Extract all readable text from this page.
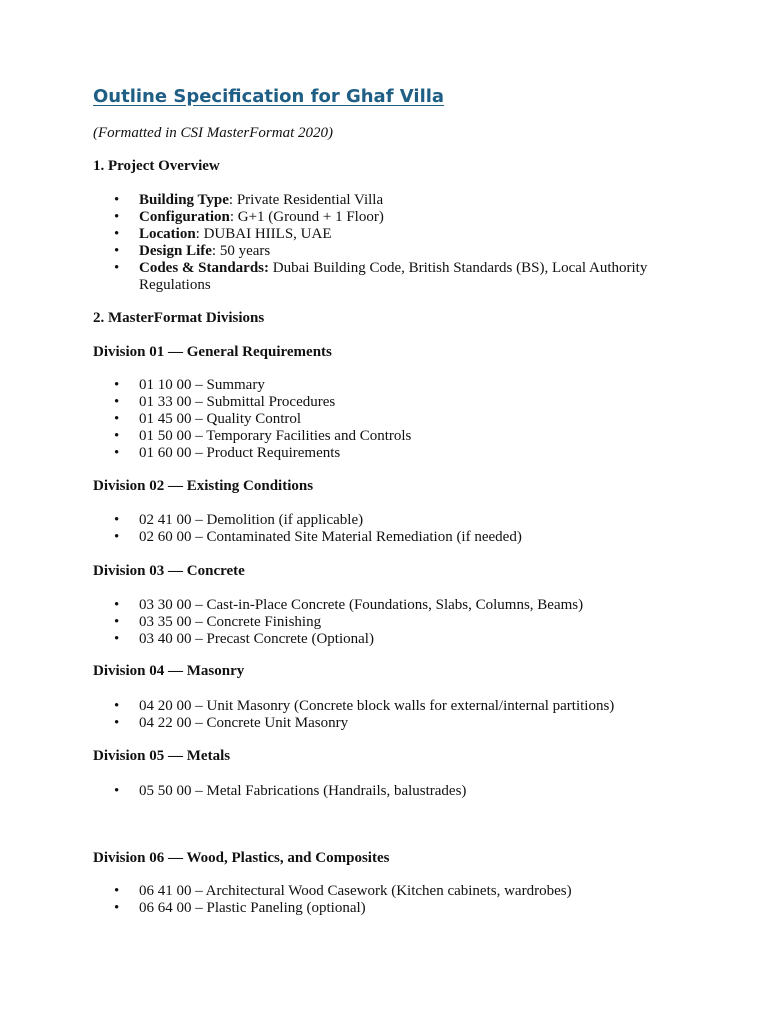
Outline Specification for Ghaf Villa
(Formatted in CSI MasterFormat 2020)
1. Project Overview
• Building Type: Private Residential Villa
• Configuration: G+1 (Ground + 1 Floor)
• Location: DUBAI HIILS, UAE
• Design Life: 50 years
• Codes & Standards: Dubai Building Code, British Standards (BS), Local Authority Regulations
2. MasterFormat Divisions
Division 01 — General Requirements
• 01 10 00 – Summary
• 01 33 00 – Submittal Procedures
• 01 45 00 – Quality Control
• 01 50 00 – Temporary Facilities and Controls
• 01 60 00 – Product Requirements
Division 02 — Existing Conditions
• 02 41 00 – Demolition (if applicable)
• 02 60 00 – Contaminated Site Material Remediation (if needed)
Division 03 — Concrete
• 03 30 00 – Cast-in-Place Concrete (Foundations, Slabs, Columns, Beams)
• 03 35 00 – Concrete Finishing
• 03 40 00 – Precast Concrete (Optional)
Division 04 — Masonry
• 04 20 00 – Unit Masonry (Concrete block walls for external/internal partitions)
• 04 22 00 – Concrete Unit Masonry
Division 05 — Metals
• 05 50 00 – Metal Fabrications (Handrails, balustrades)
Division 06 — Wood, Plastics, and Composites
• 06 41 00 – Architectural Wood Casework (Kitchen cabinets, wardrobes)
• 06 64 00 – Plastic Paneling (optional)
